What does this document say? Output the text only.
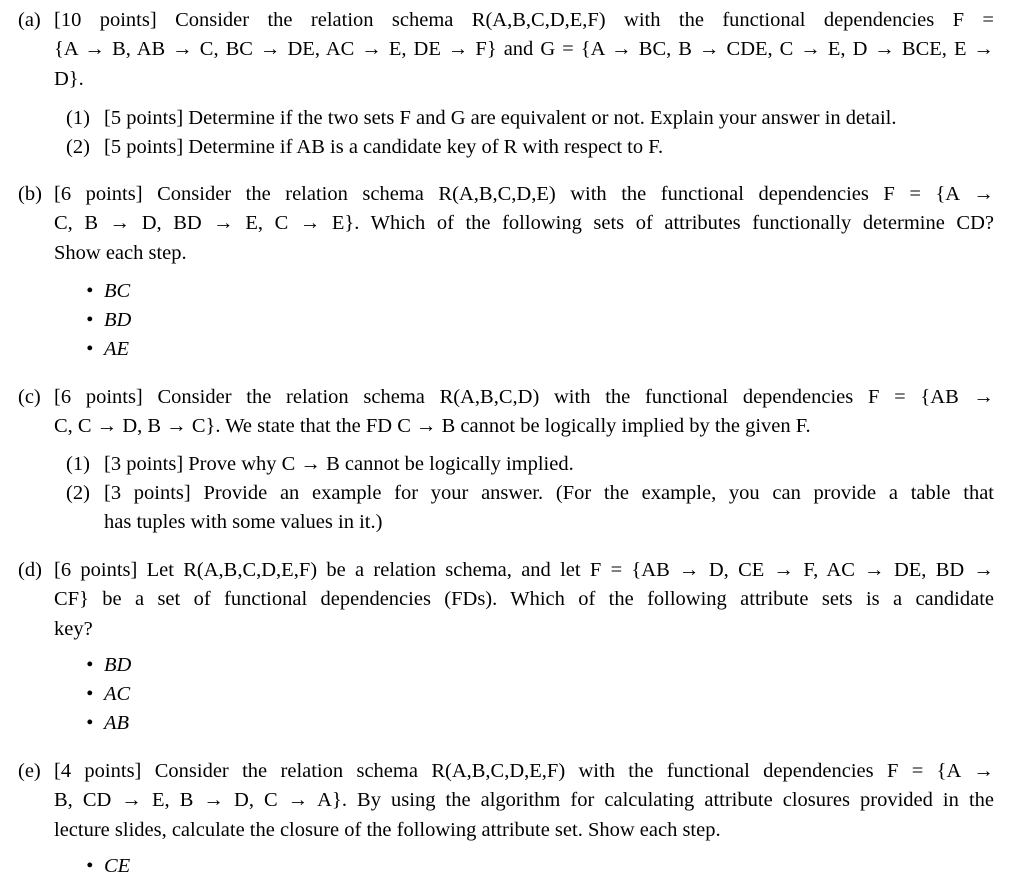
(a) [10 points] Consider the relation schema R(A,B,C,D,E,F) with the functional dependencies F =
{A → B, AB → C, BC → DE, AC → E, DE → F} and G = {A → BC, B → CDE, C → E, D → BCE, E →
D}.
(1) [5 points] Determine if the two sets F and G are equivalent or not. Explain your answer in detail.
(2) [5 points] Determine if AB is a candidate key of R with respect to F.
(b) [6 points] Consider the relation schema R(A,B,C,D,E) with the functional dependencies F = {A →
C, B → D, BD → E, C → E}. Which of the following sets of attributes functionally determine CD?
Show each step.
• BC
• BD
• AE
(c) [6 points] Consider the relation schema R(A,B,C,D) with the functional dependencies F = {AB →
C, C → D, B → C}. We state that the FD C → B cannot be logically implied by the given F.
(1) [3 points] Prove why C → B cannot be logically implied.
(2) [3 points] Provide an example for your answer. (For the example, you can provide a table that
has tuples with some values in it.)
(d) [6 points] Let R(A,B,C,D,E,F) be a relation schema, and let F = {AB → D, CE → F, AC → DE, BD →
CF} be a set of functional dependencies (FDs). Which of the following attribute sets is a candidate
key?
• BD
• AC
• AB
(e) [4 points] Consider the relation schema R(A,B,C,D,E,F) with the functional dependencies F = {A →
B, CD → E, B → D, C → A}. By using the algorithm for calculating attribute closures provided in the
lecture slides, calculate the closure of the following attribute set. Show each step.
• CE
